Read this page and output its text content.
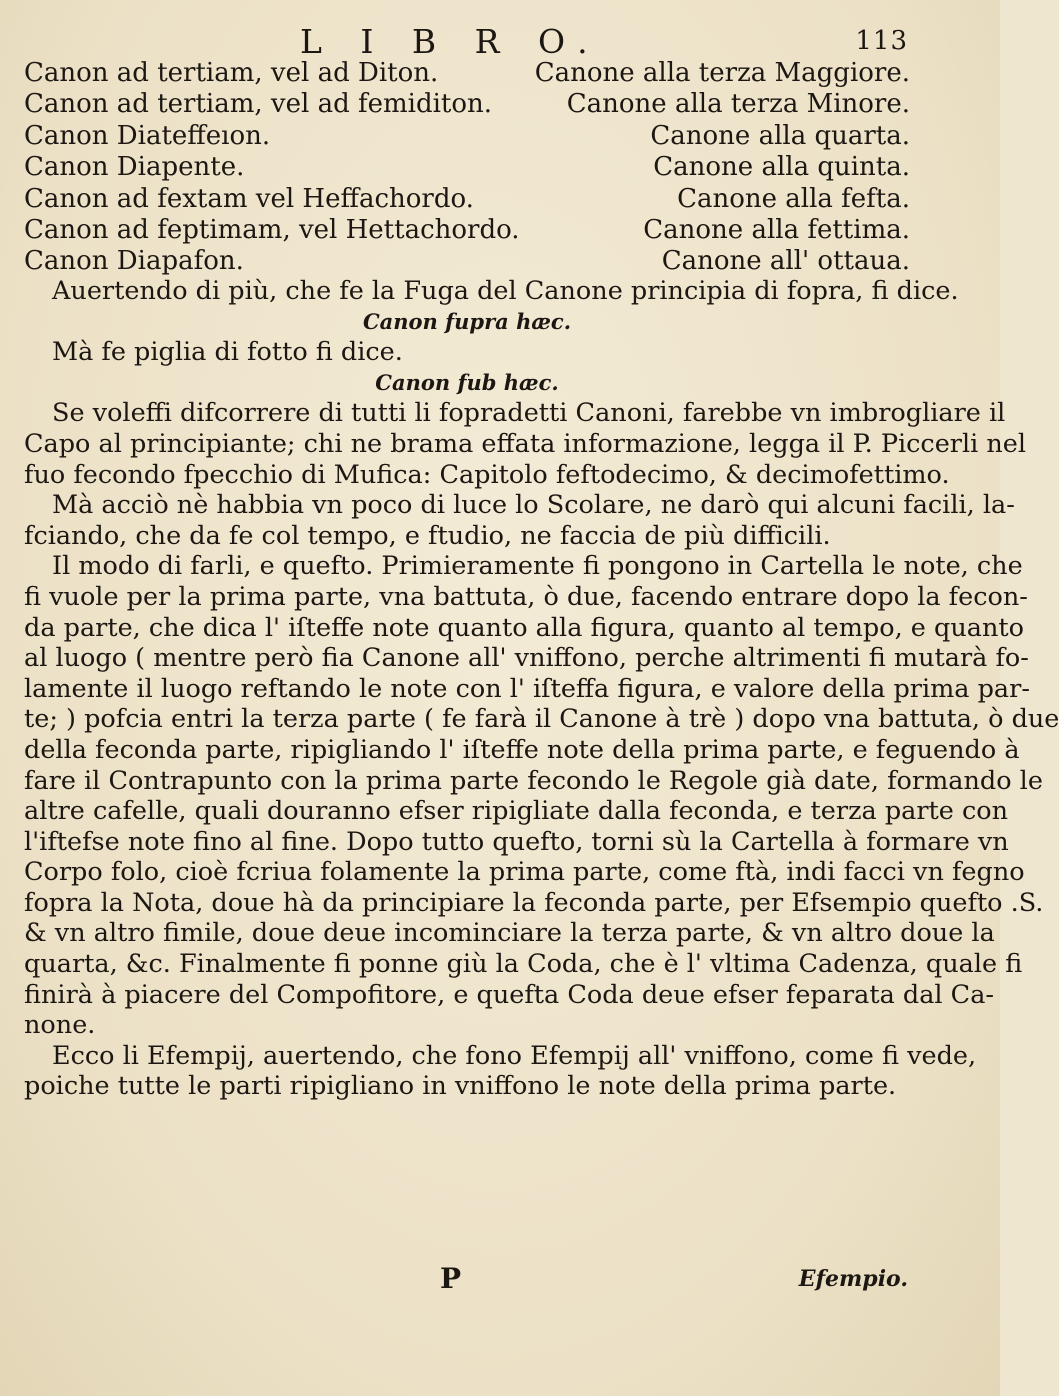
L I B R O.	113
Canon ad tertiam, vel ad Diton.	Canone alla terza Maggiore.
Canon ad tertiam, vel ad femiditon.	Canone alla terza Minore.
Canon Diateffeıon.	Canone alla quarta.
Canon Diapente.	Canone alla quinta.
Canon ad fextam vel Heffachordo.	Canone alla fefta.
Canon ad feptimam, vel Hettachordo.	Canone alla fettima.
Canon Diapafon.	Canone all' ottaua.
Auertendo di più, che fe la Fuga del Canone principia di fopra, fi dice.
Canon fupra hæc.
Mà fe piglia di fotto fi dice.
Canon fub hæc.
Se voleffi difcorrere di tutti li fopradetti Canoni, farebbe vn imbrogliare il
Capo al principiante; chi ne brama effata informazione, legga il P. Piccerli nel
fuo fecondo fpecchio di Mufica: Capitolo feftodecimo, & decimofettimo.
Mà acciò nè habbia vn poco di luce lo Scolare, ne darò qui alcuni facili, la-
fciando, che da fe col tempo, e ftudio, ne faccia de più difficili.
Il modo di farli, e quefto. Primieramente fi pongono in Cartella le note, che
fi vuole per la prima parte, vna battuta, ò due, facendo entrare dopo la fecon-
da parte, che dica l' iſteffe note quanto alla figura, quanto al tempo, e quanto
al luogo ( mentre però fia Canone all' vniffono, perche altrimenti fi mutarà fo-
lamente il luogo reftando le note con l' iſteffa figura, e valore della prima par-
te; ) pofcia entri la terza parte ( fe farà il Canone à trè ) dopo vna battuta, ò due
della feconda parte, ripigliando l' iſteffe note della prima parte, e feguendo à
fare il Contrapunto con la prima parte fecondo le Regole già date, formando le
altre cafelle, quali douranno efser ripigliate dalla feconda, e terza parte con
l'iftefse note fino al fine. Dopo tutto quefto, torni sù la Cartella à formare vn
Corpo folo, cioè fcriua folamente la prima parte, come ftà, indi facci vn fegno
fopra la Nota, doue hà da principiare la feconda parte, per Efsempio quefto .S.
& vn altro fimile, doue deue incominciare la terza parte, & vn altro doue la
quarta, &c. Finalmente fi ponne giù la Coda, che è l' vltima Cadenza, quale fi
finirà à piacere del Compofitore, e quefta Coda deue efser feparata dal Ca-
none.
Ecco li Efempij, auertendo, che fono Efempij all' vniffono, come fi vede,
poiche tutte le parti ripigliano in vniffono le note della prima parte.
P	Efempio.
